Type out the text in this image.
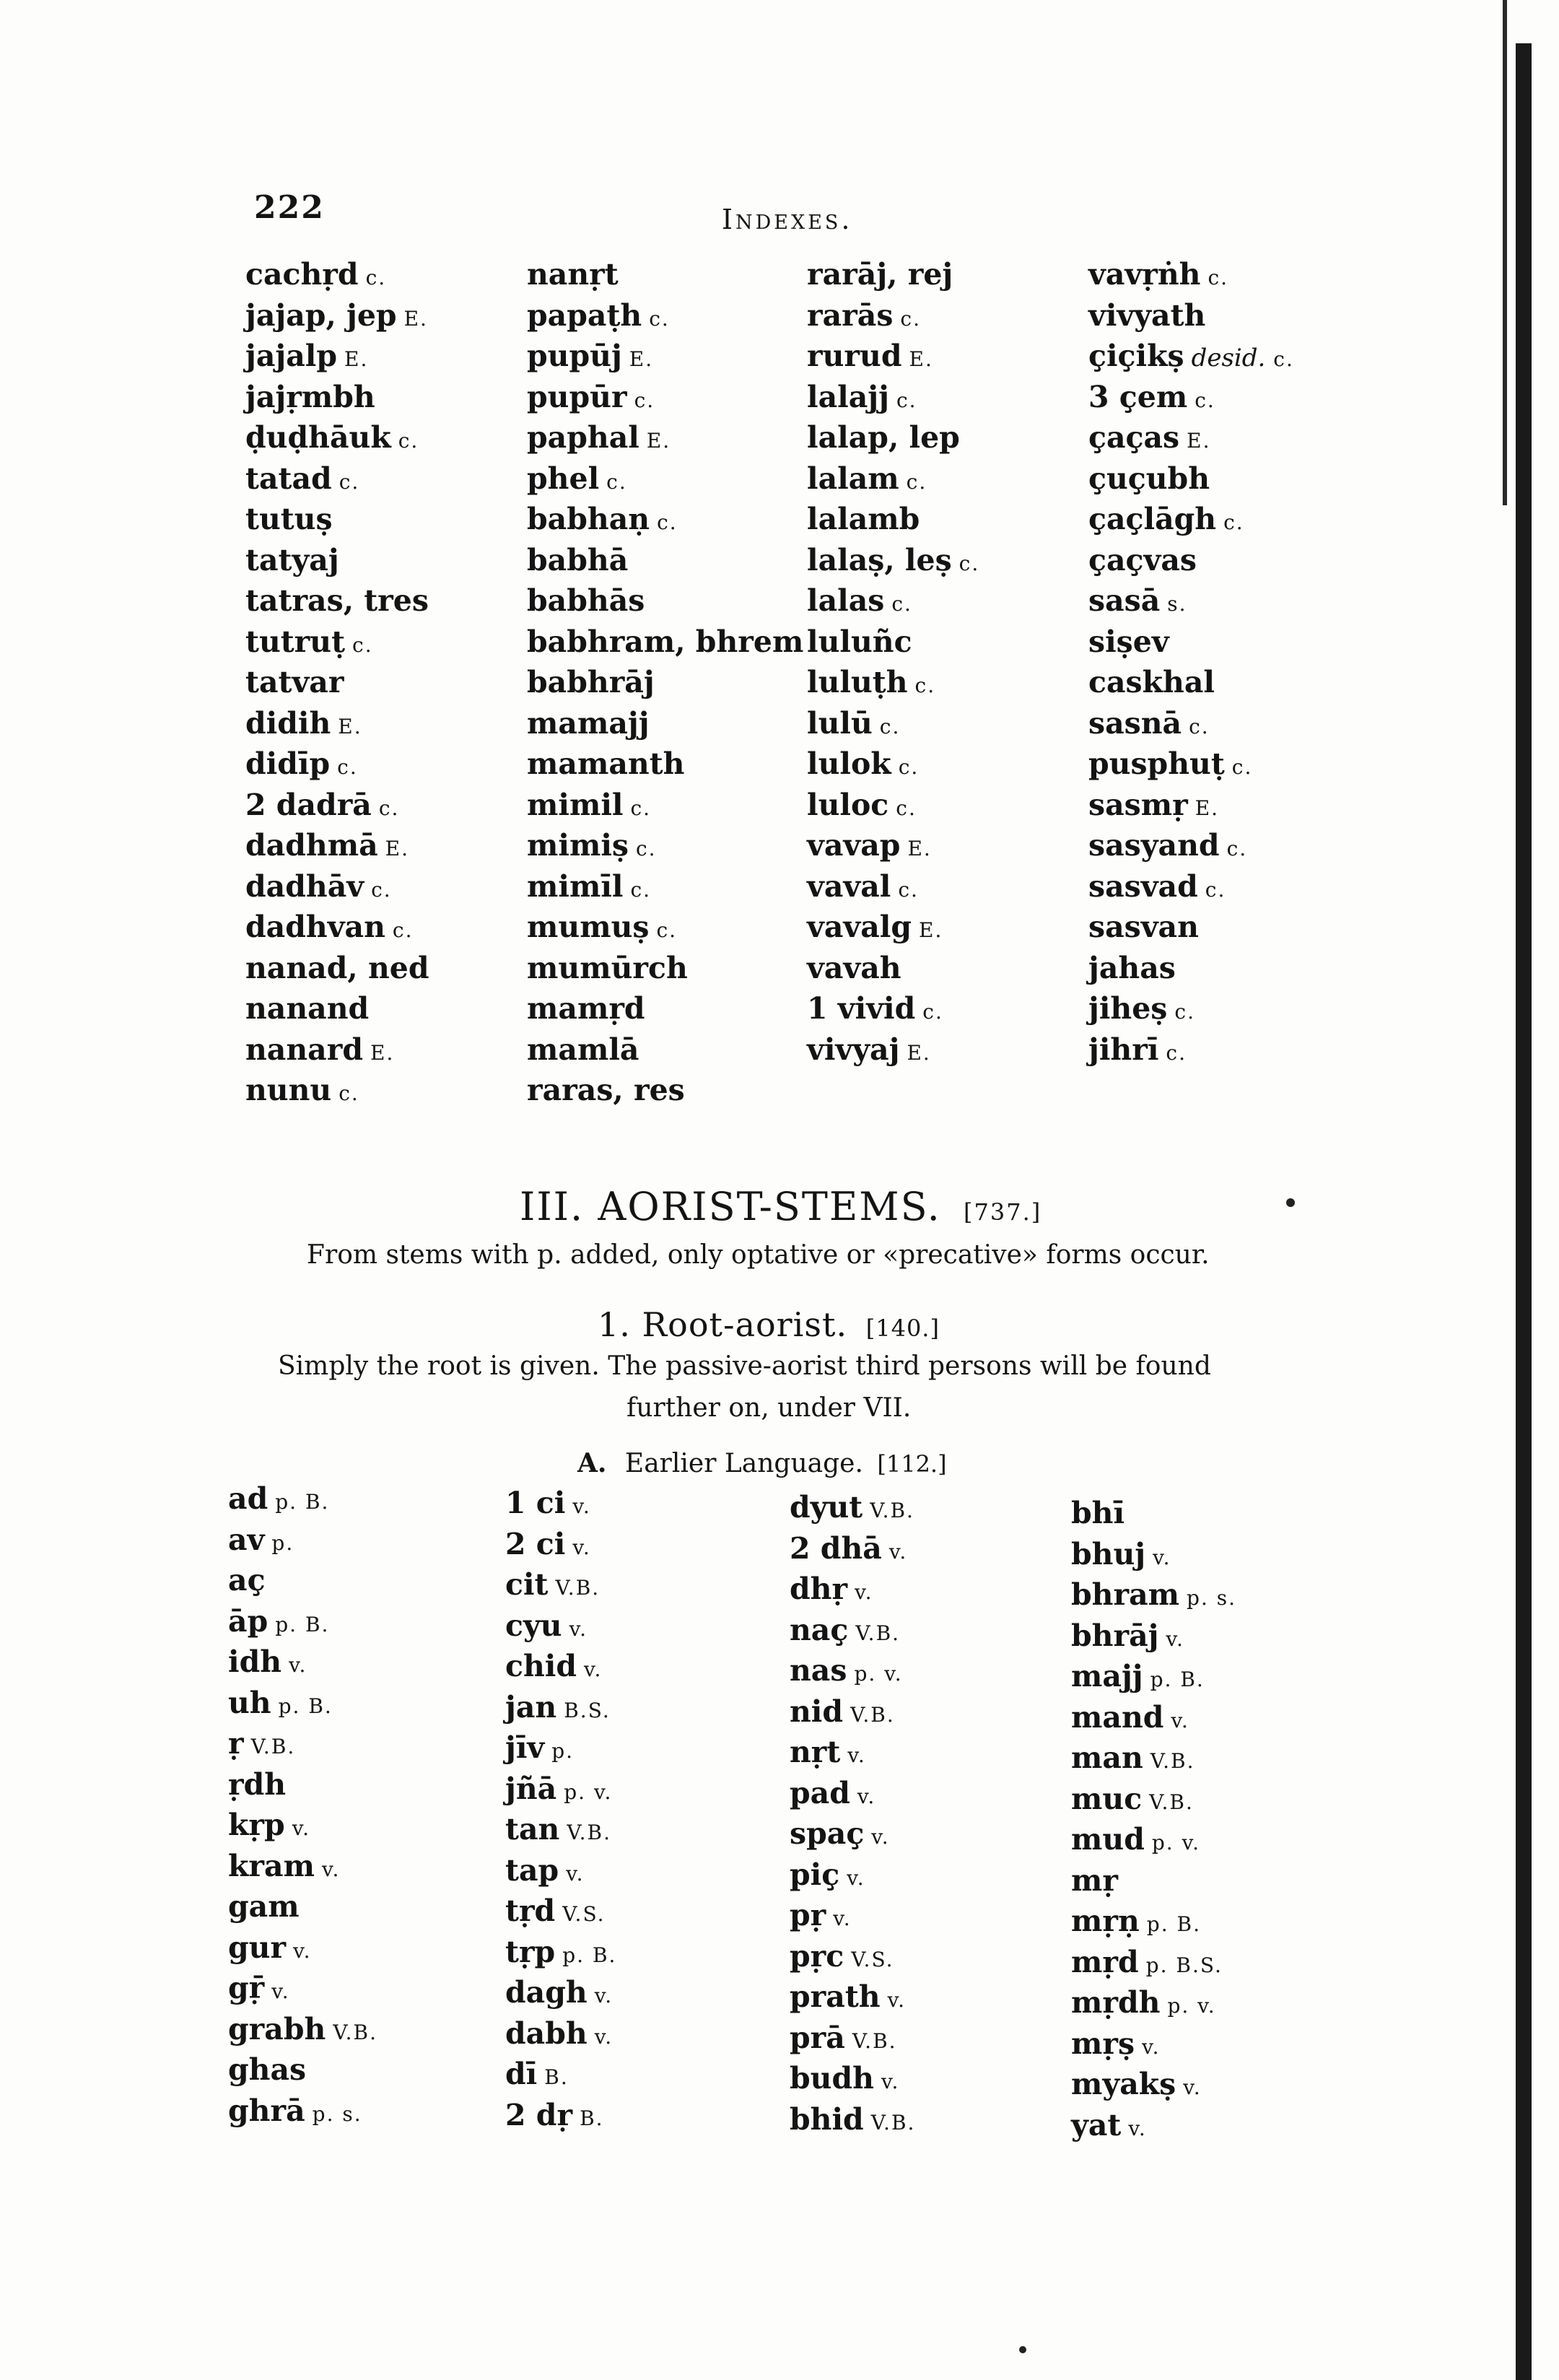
222	Indexes.
cachṛd c.
jajap, jep E.
jajalp E.
jajṛmbh
ḍuḍhāuk c.
tatad c.
tutuṣ
tatyaj
tatras, tres
tutruṭ c.
tatvar
didih E.
didīp c.
2 dadrā c.
dadhmā E.
dadhāv c.
dadhvan c.
nanad, ned
nanand
nanard E.
nunu c.
nanṛt
papaṭh c.
pupūj E.
pupūr c.
paphal E.
phel c.
babhaṇ c.
babhā
babhās
babhram, bhrem
babhrāj
mamajj
mamanth
mimil c.
mimiṣ c.
mimīl c.
mumuṣ c.
mumūrch
mamṛd
mamlā
raras, res
rarāj, rej
rarās c.
rurud E.
lalajj c.
lalap, lep
lalam c.
lalamb
lalaṣ, leṣ c.
lalas c.
luluñc
luluṭh c.
lulū c.
lulok c.
luloc c.
vavap E.
vaval c.
vavalg E.
vavah
1 vivid c.
vivyaj E.
vavṛṅh c.
vivyath
çiçikṣ desid. c.
3 çem c.
çaças E.
çuçubh
çaçlāgh c.
çaçvas
sasā s.
siṣev
caskhal
sasnā c.
pusphuṭ c.
sasmṛ E.
sasyand c.
sasvad c.
sasvan
jahas
jiheṣ c.
jihrī c.
III. AORIST-STEMS. [737.]
From stems with p. added, only optative or «precative» forms occur.
1. Root-aorist. [140.]
Simply the root is given. The passive-aorist third persons will be found
further on, under VII.
A. Earlier Language. [112.]
ad p. B.
av p.
aç
āp p. B.
idh v.
uh p. B.
ṛ V.B.
ṛdh
kṛp v.
kram v.
gam
gur v.
gṝ v.
grabh V.B.
ghas
ghrā p. s.
1 ci v.
2 ci v.
cit V.B.
cyu v.
chid v.
jan B.S.
jīv p.
jñā p. v.
tan V.B.
tap v.
tṛd V.S.
tṛp p. B.
dagh v.
dabh v.
dī B.
2 dṛ B.
dyut V.B.
2 dhā v.
dhṛ v.
naç V.B.
nas p. v.
nid V.B.
nṛt v.
pad v.
spaç v.
piç v.
pṛ v.
pṛc V.S.
prath v.
prā V.B.
budh v.
bhid V.B.
bhī
bhuj v.
bhram p. s.
bhrāj v.
majj p. B.
mand v.
man V.B.
muc V.B.
mud p. v.
mṛ
mṛṇ p. B.
mṛd p. B.S.
mṛdh p. v.
mṛṣ v.
myakṣ v.
yat v.
